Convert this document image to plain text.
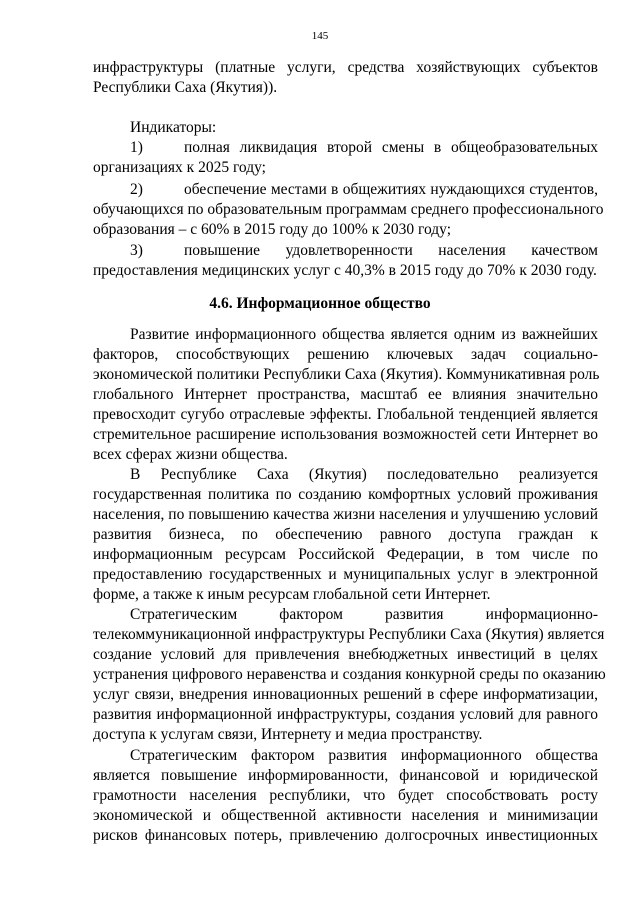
145
инфраструктуры (платные услуги, средства хозяйствующих субъектов
Республики Саха (Якутия)).
Индикаторы:
1)	полная ликвидация второй смены в общеобразовательных
организациях к 2025 году;
2)	обеспечение местами в общежитиях нуждающихся студентов,
обучающихся по образовательным программам среднего профессионального
образования – с 60% в 2015 году до 100% к 2030 году;
3)	повышение удовлетворенности населения качеством
предоставления медицинских услуг с 40,3% в 2015 году до 70% к 2030 году.
4.6. Информационное общество
Развитие информационного общества является одним из важнейших
факторов, способствующих решению ключевых задач социально-
экономической политики Республики Саха (Якутия). Коммуникативная роль
глобального Интернет пространства, масштаб ее влияния значительно
превосходит сугубо отраслевые эффекты. Глобальной тенденцией является
стремительное расширение использования возможностей сети Интернет во
всех сферах жизни общества.
В Республике Саха (Якутия) последовательно реализуется
государственная политика по созданию комфортных условий проживания
населения, по повышению качества жизни населения и улучшению условий
развития бизнеса, по обеспечению равного доступа граждан к
информационным ресурсам Российской Федерации, в том числе по
предоставлению государственных и муниципальных услуг в электронной
форме, а также к иным ресурсам глобальной сети Интернет.
Стратегическим фактором развития информационно-
телекоммуникационной инфраструктуры Республики Саха (Якутия) является
создание условий для привлечения внебюджетных инвестиций в целях
устранения цифрового неравенства и создания конкурной среды по оказанию
услуг связи, внедрения инновационных решений в сфере информатизации,
развития информационной инфраструктуры, создания условий для равного
доступа к услугам связи, Интернету и медиа пространству.
Стратегическим фактором развития информационного общества
является повышение информированности, финансовой и юридической
грамотности населения республики, что будет способствовать росту
экономической и общественной активности населения и минимизации
рисков финансовых потерь, привлечению долгосрочных инвестиционных
